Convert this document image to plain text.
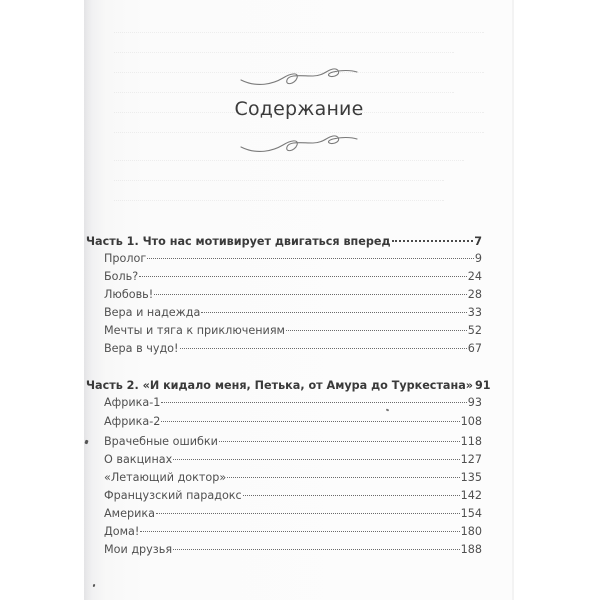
Содержание
Часть 1. Что нас мотивирует двигаться вперед	7
Пролог	9
Боль?	24
Любовь!	28
Вера и надежда	33
Мечты и тяга к приключениям	52
Вера в чудо!	67
Часть 2. «И кидало меня, Петька, от Амура до Туркестана» 91
Африка-1	93
Африка-2	108
Врачебные ошибки	118
О вакцинах	127
«Летающий доктор»	135
Французский парадокс	142
Америка	154
Дома!	180
Мои друзья	188
